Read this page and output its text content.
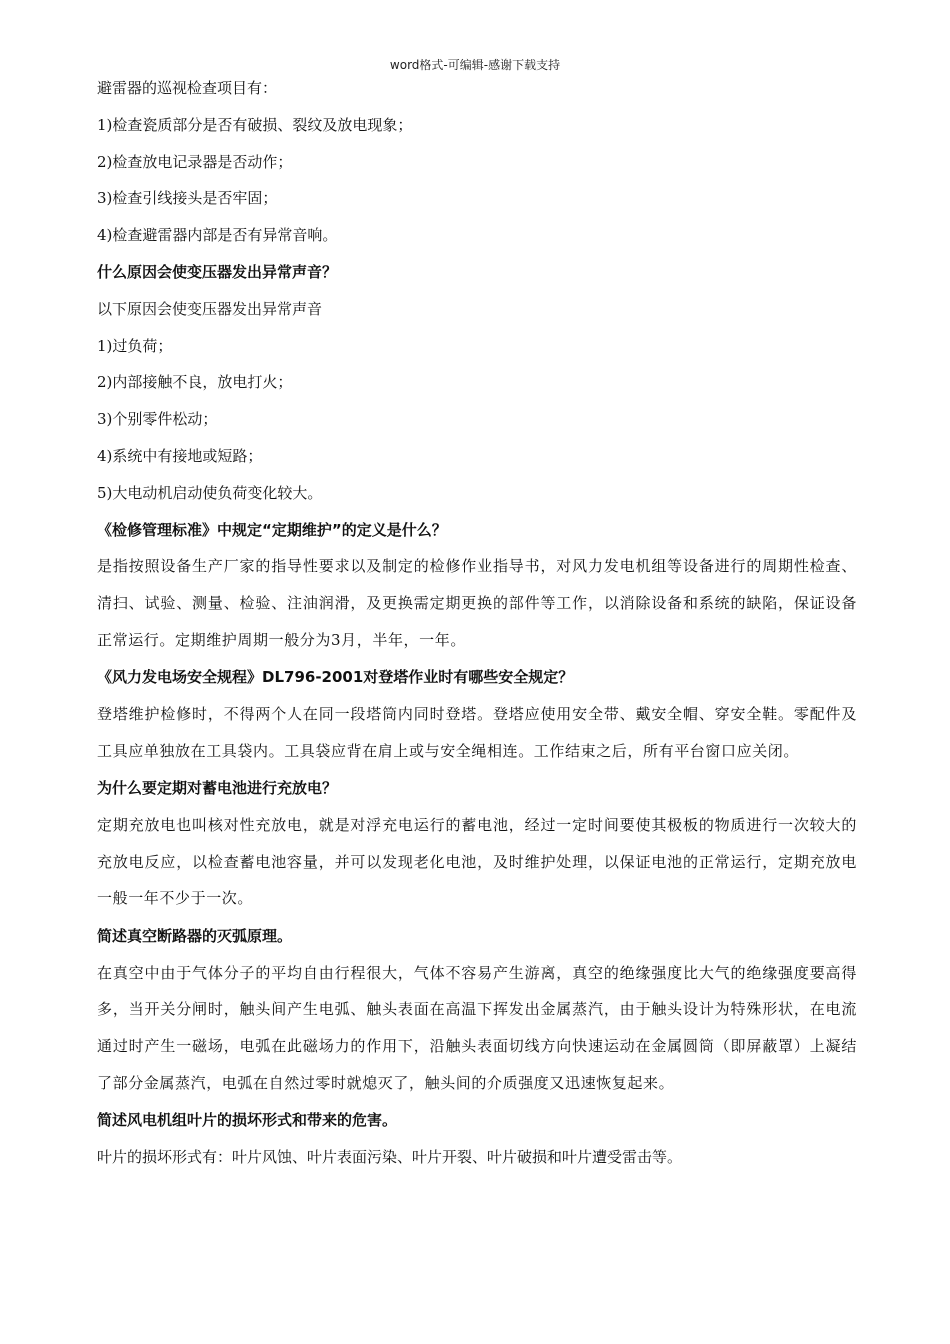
word格式-可编辑-感谢下载支持
避雷器的巡视检查项目有：
1)检查瓷质部分是否有破损、裂纹及放电现象；
2)检查放电记录器是否动作；
3)检查引线接头是否牢固；
4)检查避雷器内部是否有异常音响。
什么原因会使变压器发出异常声音？
以下原因会使变压器发出异常声音
1)过负荷；
2)内部接触不良，放电打火；
3)个别零件松动；
4)系统中有接地或短路；
5)大电动机启动使负荷变化较大。
《检修管理标准》中规定“定期维护”的定义是什么？
是指按照设备生产厂家的指导性要求以及制定的检修作业指导书，对风力发电机组等设备进行的周期性检查、清扫、试验、测量、检验、注油润滑，及更换需定期更换的部件等工作，以消除设备和系统的缺陷，保证设备正常运行。定期维护周期一般分为3月，半年，一年。
《风力发电场安全规程》DL796-2001对登塔作业时有哪些安全规定？
登塔维护检修时，不得两个人在同一段塔筒内同时登塔。登塔应使用安全带、戴安全帽、穿安全鞋。零配件及工具应单独放在工具袋内。工具袋应背在肩上或与安全绳相连。工作结束之后，所有平台窗口应关闭。
为什么要定期对蓄电池进行充放电？
定期充放电也叫核对性充放电，就是对浮充电运行的蓄电池，经过一定时间要使其极板的物质进行一次较大的充放电反应，以检查蓄电池容量，并可以发现老化电池，及时维护处理，以保证电池的正常运行，定期充放电一般一年不少于一次。
简述真空断路器的灭弧原理。
在真空中由于气体分子的平均自由行程很大，气体不容易产生游离，真空的绝缘强度比大气的绝缘强度要高得多，当开关分闸时，触头间产生电弧、触头表面在高温下挥发出金属蒸汽，由于触头设计为特殊形状，在电流通过时产生一磁场，电弧在此磁场力的作用下，沿触头表面切线方向快速运动在金属圆筒（即屏蔽罩）上凝结了部分金属蒸汽，电弧在自然过零时就熄灭了，触头间的介质强度又迅速恢复起来。
简述风电机组叶片的损坏形式和带来的危害。
叶片的损坏形式有：叶片风蚀、叶片表面污染、叶片开裂、叶片破损和叶片遭受雷击等。
